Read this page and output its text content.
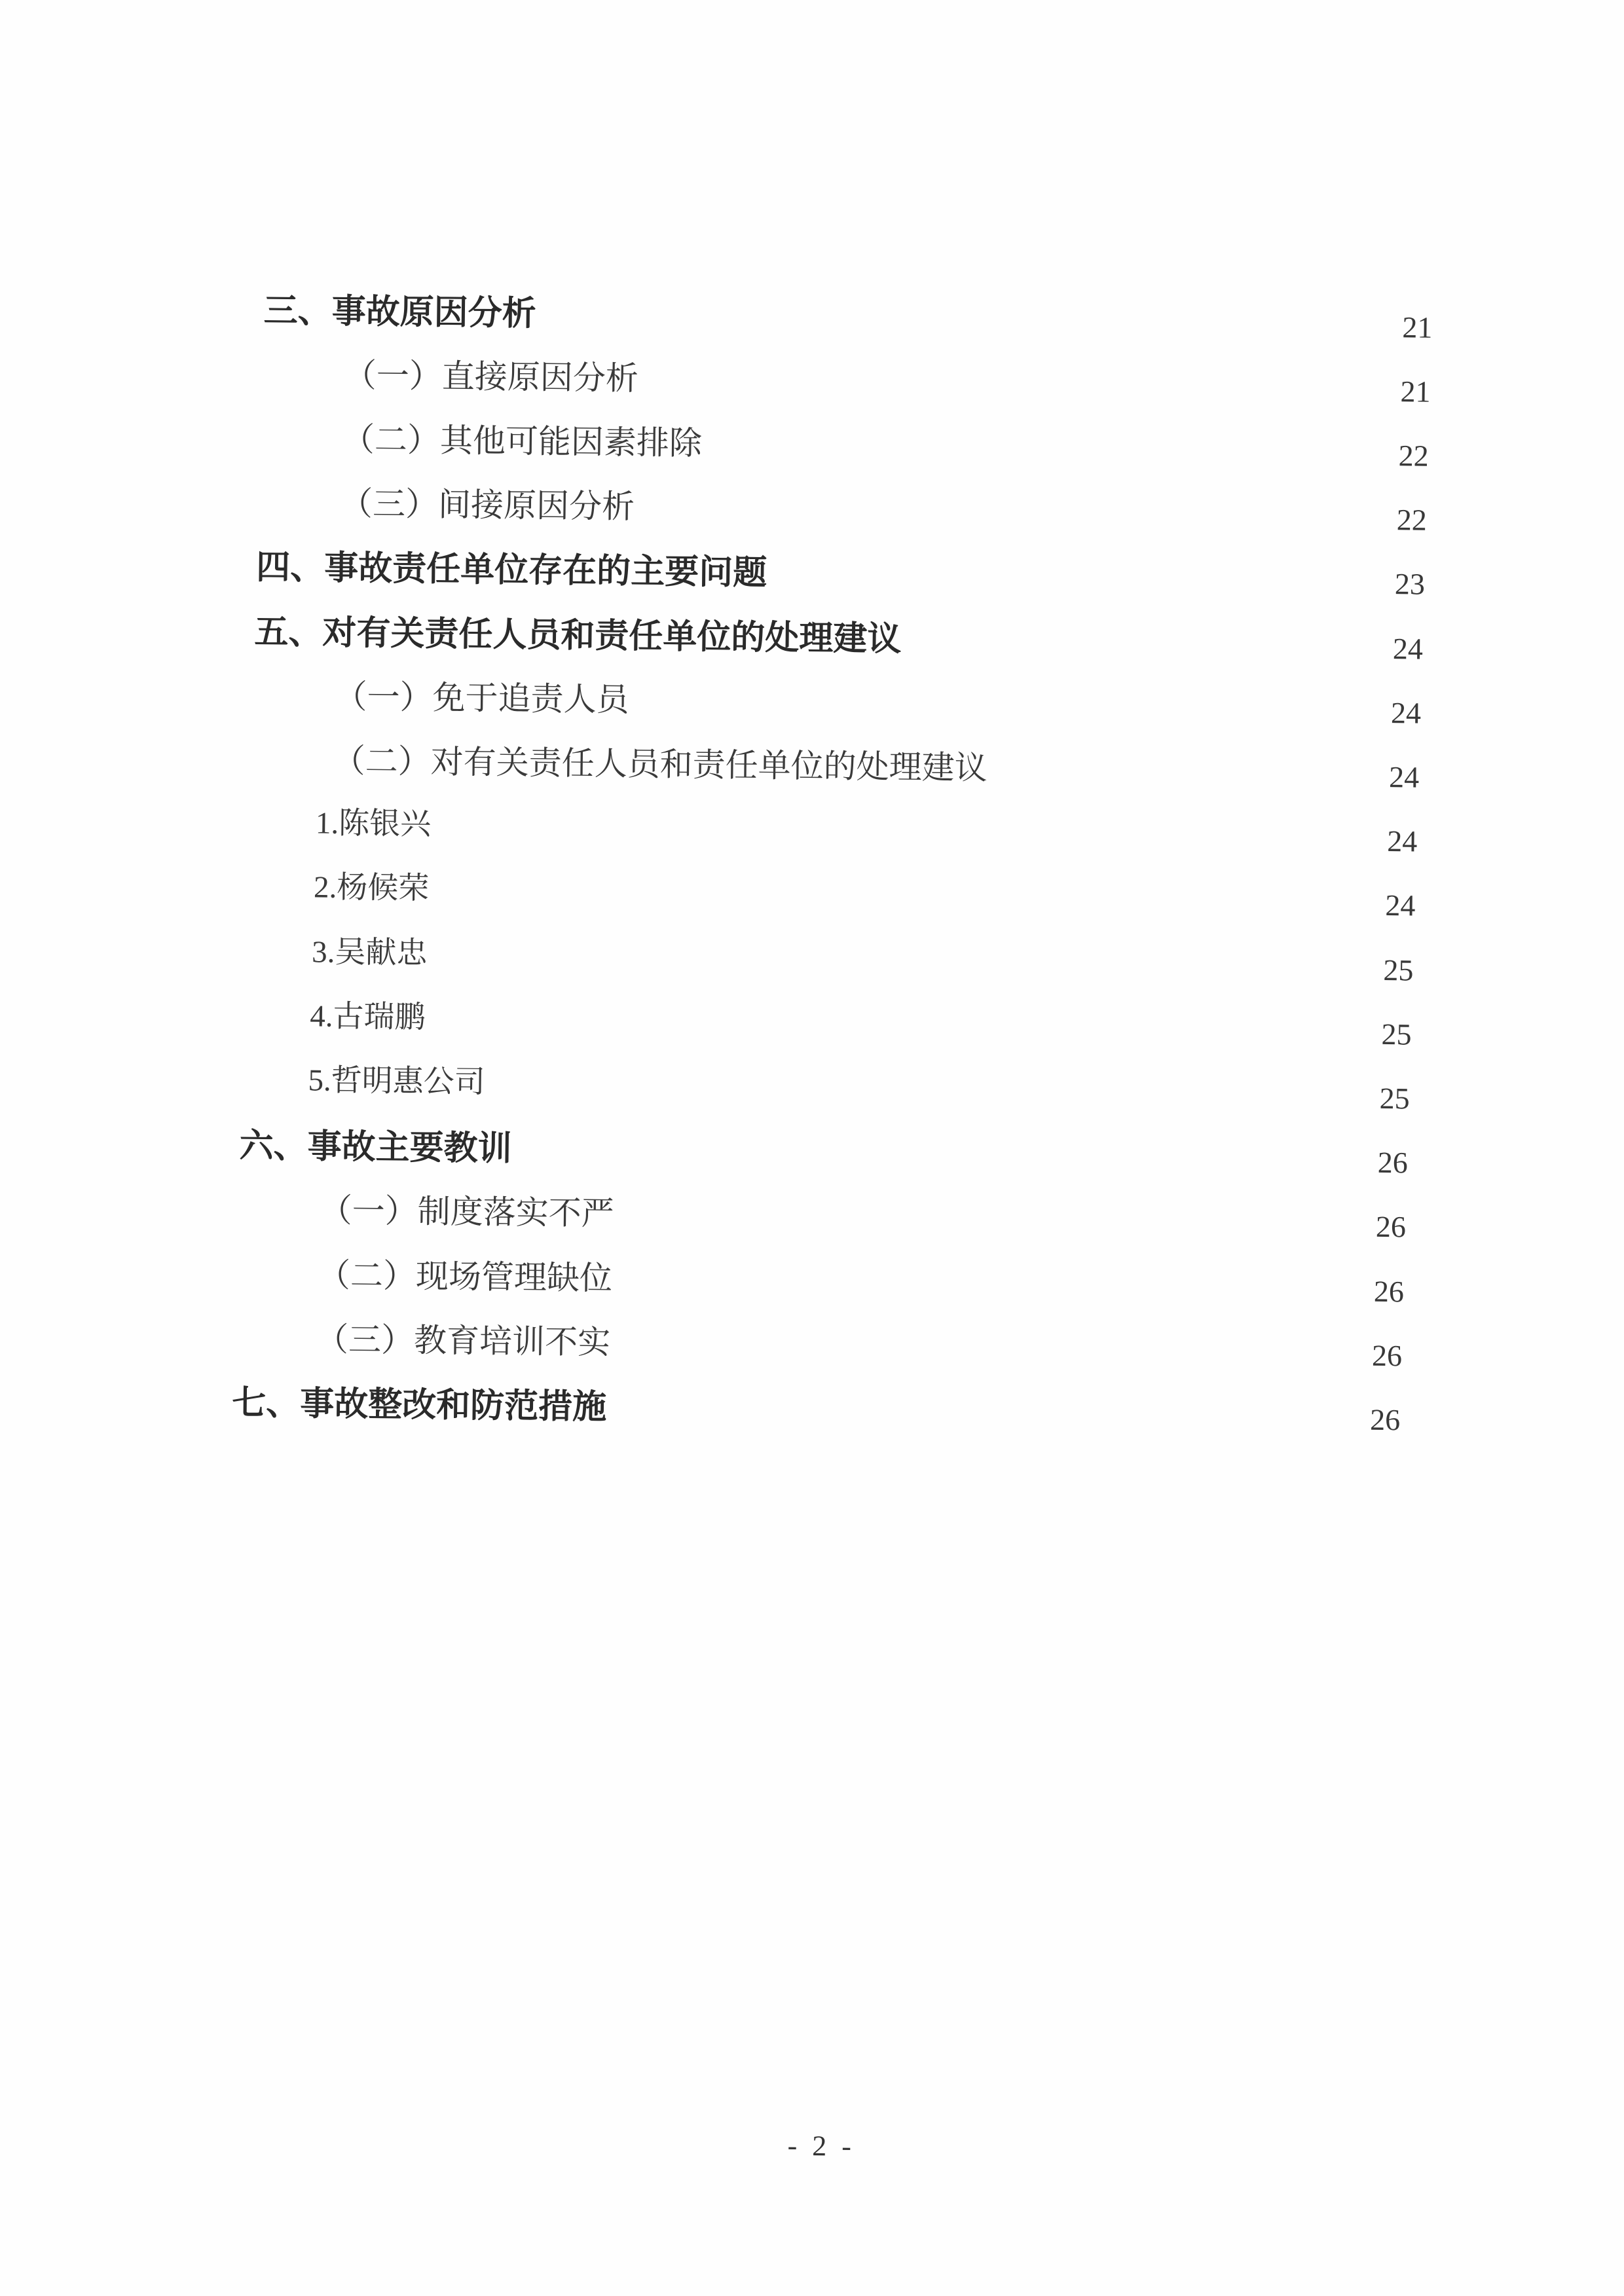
三、事故原因分析	21
（一）直接原因分析	21
（二）其他可能因素排除	22
（三）间接原因分析	22
四、事故责任单位存在的主要问题	23
五、对有关责任人员和责任单位的处理建议	24
（一）免于追责人员	24
（二）对有关责任人员和责任单位的处理建议	24
1.陈银兴	24
2.杨候荣	24
3.吴献忠	25
4.古瑞鹏	25
5.哲明惠公司	25
六、事故主要教训	26
（一）制度落实不严	26
（二）现场管理缺位	26
（三）教育培训不实	26
七、事故整改和防范措施	26
- 2 -
